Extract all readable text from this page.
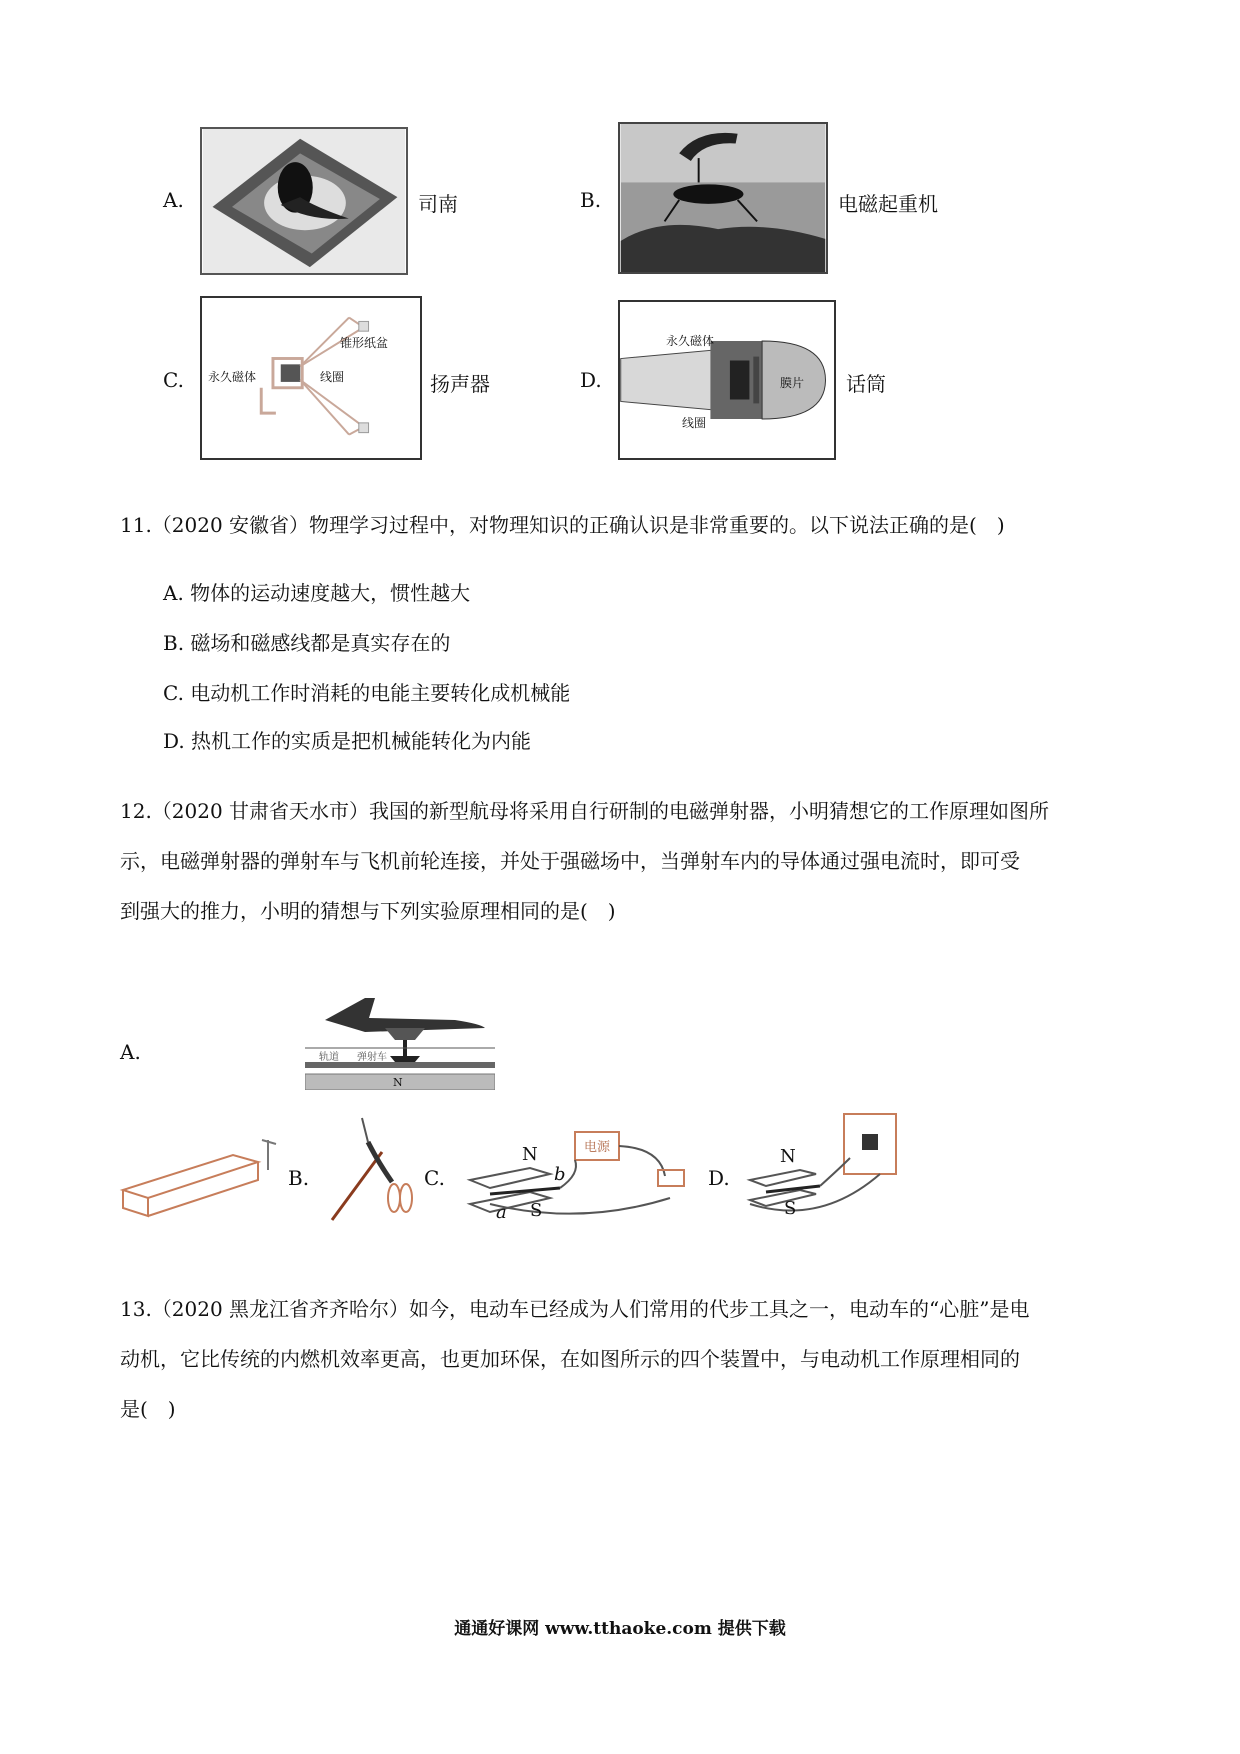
A.	司南	B.	电磁起重机
C.
锥形纸盆
永久磁体	线圈	扬声器	D.
永久磁体
膜片
线圈
话筒
11.（2020 安徽省）物理学习过程中，对物理知识的正确认识是非常重要的。以下说法正确的是(　)
A. 物体的运动速度越大，惯性越大
B. 磁场和磁感线都是真实存在的
C. 电动机工作时消耗的电能主要转化成机械能
D. 热机工作的实质是把机械能转化为内能
12.（2020 甘肃省天水市）我国的新型航母将采用自行研制的电磁弹射器，小明猜想它的工作原理如图所
示，电磁弹射器的弹射车与飞机前轮连接，并处于强磁场中，当弹射车内的导体通过强电流时，即可受
到强大的推力，小明的猜想与下列实验原理相同的是(　)
A.	轨道 弹射车
N
B.	C.
电源
N
S
b
a
D.
N
S
13.（2020 黑龙江省齐齐哈尔）如今，电动车已经成为人们常用的代步工具之一，电动车的“心脏”是电
动机，它比传统的内燃机效率更高，也更加环保，在如图所示的四个装置中，与电动机工作原理相同的
是(　)
通通好课网 www.tthaoke.com 提供下载
